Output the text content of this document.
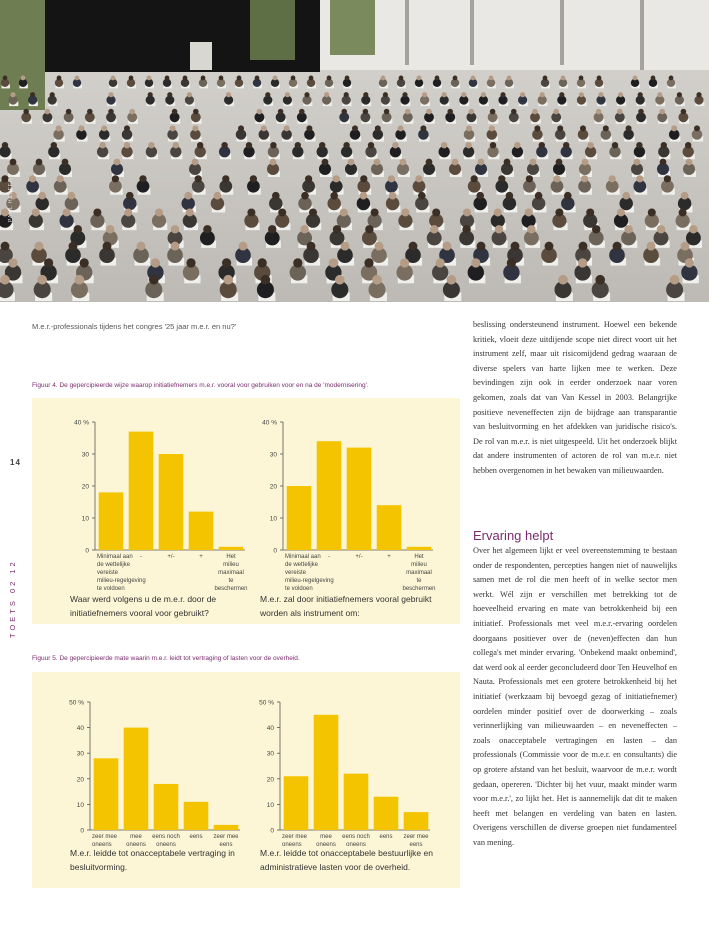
PAUL HELFERS
14
TOETS 02 12
M.e.r.-professionals tijdens het congres '25 jaar m.e.r. en nu?'
Figuur 4. De gepercipieerde wijze waarop initiatiefnemers m.e.r. vooral voor gebruiken voor en na de 'modernisering'.
0
10
20
30
40 %
Minimaal aan de wettelijke vereiste milieu-regelgeving te voldoen
-	+/-	+	Het milieu maximaal te beschermen
Waar werd volgens u de m.e.r. door de initiatiefnemers vooral voor gebruikt?
0
10
20
30
40 %
Minimaal aan de wettelijke vereiste milieu-regelgeving te voldoen
-	+/-	+	Het milieu maximaal te beschermen
M.e.r. zal door initiatiefnemers vooral gebruikt worden als instrument om:
Figuur 5. De gepercipieerde mate waarin m.e.r. leidt tot vertraging of lasten voor de overheid.
0
10
20
30
40
50 %
zeer mee oneens
mee oneens
eens noch oneens
eens zeer mee eens
M.e.r. leidde tot onacceptabele vertraging in besluitvorming.
0
10
20
30
40
50 %
zeer mee oneens
mee oneens
eens noch oneens
eens zeer mee eens
M.e.r. leidde tot onacceptabele bestuurlijke en administratieve lasten voor de overheid.

beslissing ondersteunend instrument. Hoewel een bekende kritiek, vloeit deze uitdijende scope niet direct voort uit het instrument zelf, maar uit risicomijdend gedrag waaraan de diverse spelers van harte lijken mee te werken. Deze bevindingen zijn ook in eerder onderzoek naar voren gekomen, zoals dat van Van Kessel in 2003. Belangrijke positieve neveneffecten zijn de bijdrage aan transparantie van besluitvorming en het afdekken van juridische risico's. De rol van m.e.r. is niet uitgespeeld. Uit het onderzoek blijkt dat andere instrumenten of actoren de rol van m.e.r. niet hebben overgenomen in het bewaken van milieuwaarden.

Ervaring helpt

Over het algemeen lijkt er veel overeenstemming te bestaan onder de respondenten, percepties hangen niet of nauwelijks samen met de rol die men heeft of in welke sector men werkt. Wél zijn er verschillen met betrekking tot de hoeveelheid ervaring en mate van betrokkenheid bij een initiatief. Professionals met veel m.e.r.-ervaring oordelen doorgaans positiever over de (neven)effecten dan hun collega's met minder ervaring. 'Onbekend maakt onbemind', dat werd ook al eerder geconcludeerd door Ten Heuvelhof en Nauta. Professionals met een grotere betrokkenheid bij het initiatief (werkzaam bij bevoegd gezag of initiatiefnemer) oordelen minder positief over de doorwerking – zoals verinnerlijking van milieuwaarden – en neveneffecten – zoals onacceptabele vertragingen en lasten – dan professionals (Commissie voor de m.e.r. en consultants) die op grotere afstand van het besluit, waarvoor de m.e.r. wordt gedaan, opereren. 'Dichter bij het vuur, maakt minder warm voor m.e.r.', zo lijkt het. Het is aannemelijk dat dit te maken heeft met belangen en verdeling van baten en lasten. Overigens verschillen de diverse groepen niet fundamenteel van mening.
